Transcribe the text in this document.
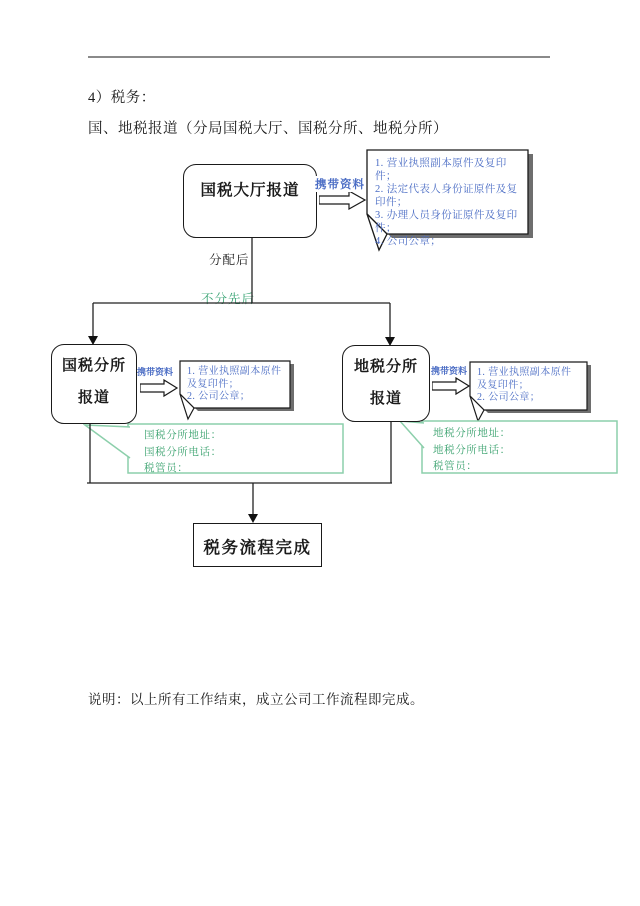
4）税务：
国、地税报道（分局国税大厅、国税分所、地税分所）
国税大厅报道	携带资料
1. 营业执照副本原件及复印件；
2. 法定代表人身份证原件及复印件；
3. 办理人员身份证原件及复印件；
4. 公司公章；
分配后
不分先后
国税分所
报道
携带资料 1. 营业执照副本原件及复印件；
2. 公司公章；
国税分所地址：
国税分所电话：
税管员：
地税分所
报道
携带资料 1. 营业执照副本原件及复印件；
2. 公司公章；
地税分所地址：
地税分所电话：
税管员：
税务流程完成
说明：以上所有工作结束，成立公司工作流程即完成。
